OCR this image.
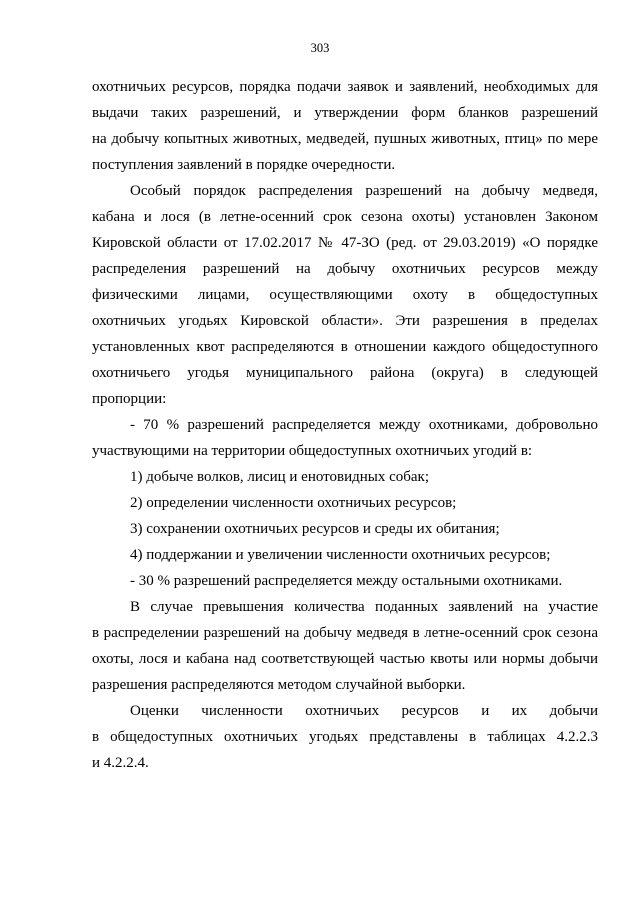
303
охотничьих ресурсов, порядка подачи заявок и заявлений, необходимых для
выдачи таких разрешений, и утверждении форм бланков разрешений
на добычу копытных животных, медведей, пушных животных, птиц» по мере
поступления заявлений в порядке очередности.
Особый порядок распределения разрешений на добычу медведя,
кабана и лося (в летне-осенний срок сезона охоты) установлен Законом
Кировской области от 17.02.2017 № 47-ЗО (ред. от 29.03.2019) «О порядке
распределения разрешений на добычу охотничьих ресурсов между
физическими лицами, осуществляющими охоту в общедоступных
охотничьих угодьях Кировской области». Эти разрешения в пределах
установленных квот распределяются в отношении каждого общедоступного
охотничьего угодья муниципального района (округа) в следующей
пропорции:
- 70 % разрешений распределяется между охотниками, добровольно
участвующими на территории общедоступных охотничьих угодий в:
1) добыче волков, лисиц и енотовидных собак;
2) определении численности охотничьих ресурсов;
3) сохранении охотничьих ресурсов и среды их обитания;
4) поддержании и увеличении численности охотничьих ресурсов;
- 30 % разрешений распределяется между остальными охотниками.
В случае превышения количества поданных заявлений на участие
в распределении разрешений на добычу медведя в летне-осенний срок сезона
охоты, лося и кабана над соответствующей частью квоты или нормы добычи
разрешения распределяются методом случайной выборки.
Оценки численности охотничьих ресурсов и их добычи
в общедоступных охотничьих угодьях представлены в таблицах 4.2.2.3
и 4.2.2.4.
